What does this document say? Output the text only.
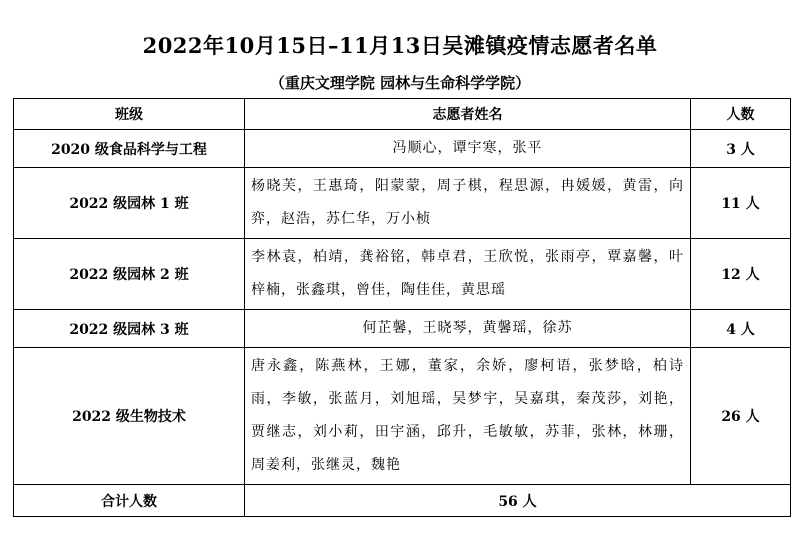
2022年10月15日–11月13日吴滩镇疫情志愿者名单
（重庆文理学院 园林与生命科学学院）
班级	志愿者姓名	人数
2020 级食品科学与工程	冯顺心，谭宇寒，张平	3 人
2022 级园林 1 班	杨晓芙，王惠琦，阳蒙蒙，周子棋，程思源，冉媛媛，黄雷，向弈，赵浩，苏仁华，万小桢	11 人
2022 级园林 2 班	李林袁，柏靖，龚裕铭，韩卓君，王欣悦，张雨亭，覃嘉馨，叶梓楠，张鑫琪，曾佳，陶佳佳，黄思瑶	12 人
2022 级园林 3 班	何芷馨，王晓琴，黄馨瑶，徐苏	4 人
2022 级生物技术	唐永鑫，陈燕林，王娜，董家，余娇，廖柯语，张梦晗，柏诗雨，李敏，张蓝月，刘旭瑶，吴梦宇，吴嘉琪，秦茂莎，刘艳，贾继志，刘小莉，田宇涵，邱升，毛敏敏，苏菲，张林，林珊，周姜利，张继灵，魏艳	26 人
合计人数	56 人	
